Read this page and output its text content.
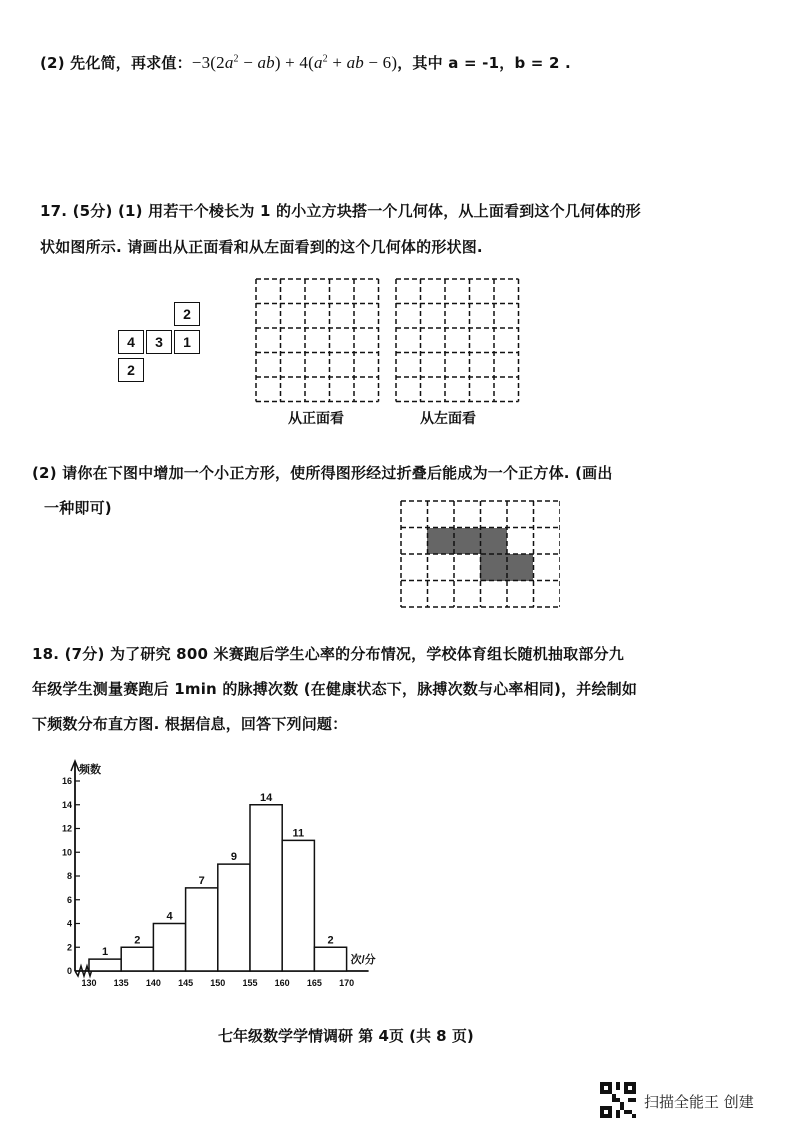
(2) 先化简，再求值：$-3(2a^2 - ab) + 4(a^2$ + ab − 6)，其中 a = -1，b = 2 .
17. (5分) (1) 用若干个棱长为 1 的小立方块搭一个几何体，从上面看到这个几何体的形
状如图所示. 请画出从正面看和从左面看到的这个几何体的形状图.
2
4	3	1
2
从正面看	从左面看
(2) 请你在下图中增加一个小正方形，使所得图形经过折叠后能成为一个正方体. (画出
一种即可)
18. (7分) 为了研究 800 米赛跑后学生心率的分布情况，学校体育组长随机抽取部分九
年级学生测量赛跑后 1min 的脉搏次数 (在健康状态下，脉搏次数与心率相同)，并绘制如
下频数分布直方图. 根据信息，回答下列问题：
0
2
4
6
8
10
12
14
16
频数
1
2
4
7
9
14
11
2
130 135 140 145 150 155 160 165 170
次/分
七年级数学学情调研 第 4页 (共 8 页)
扫描全能王 创建
